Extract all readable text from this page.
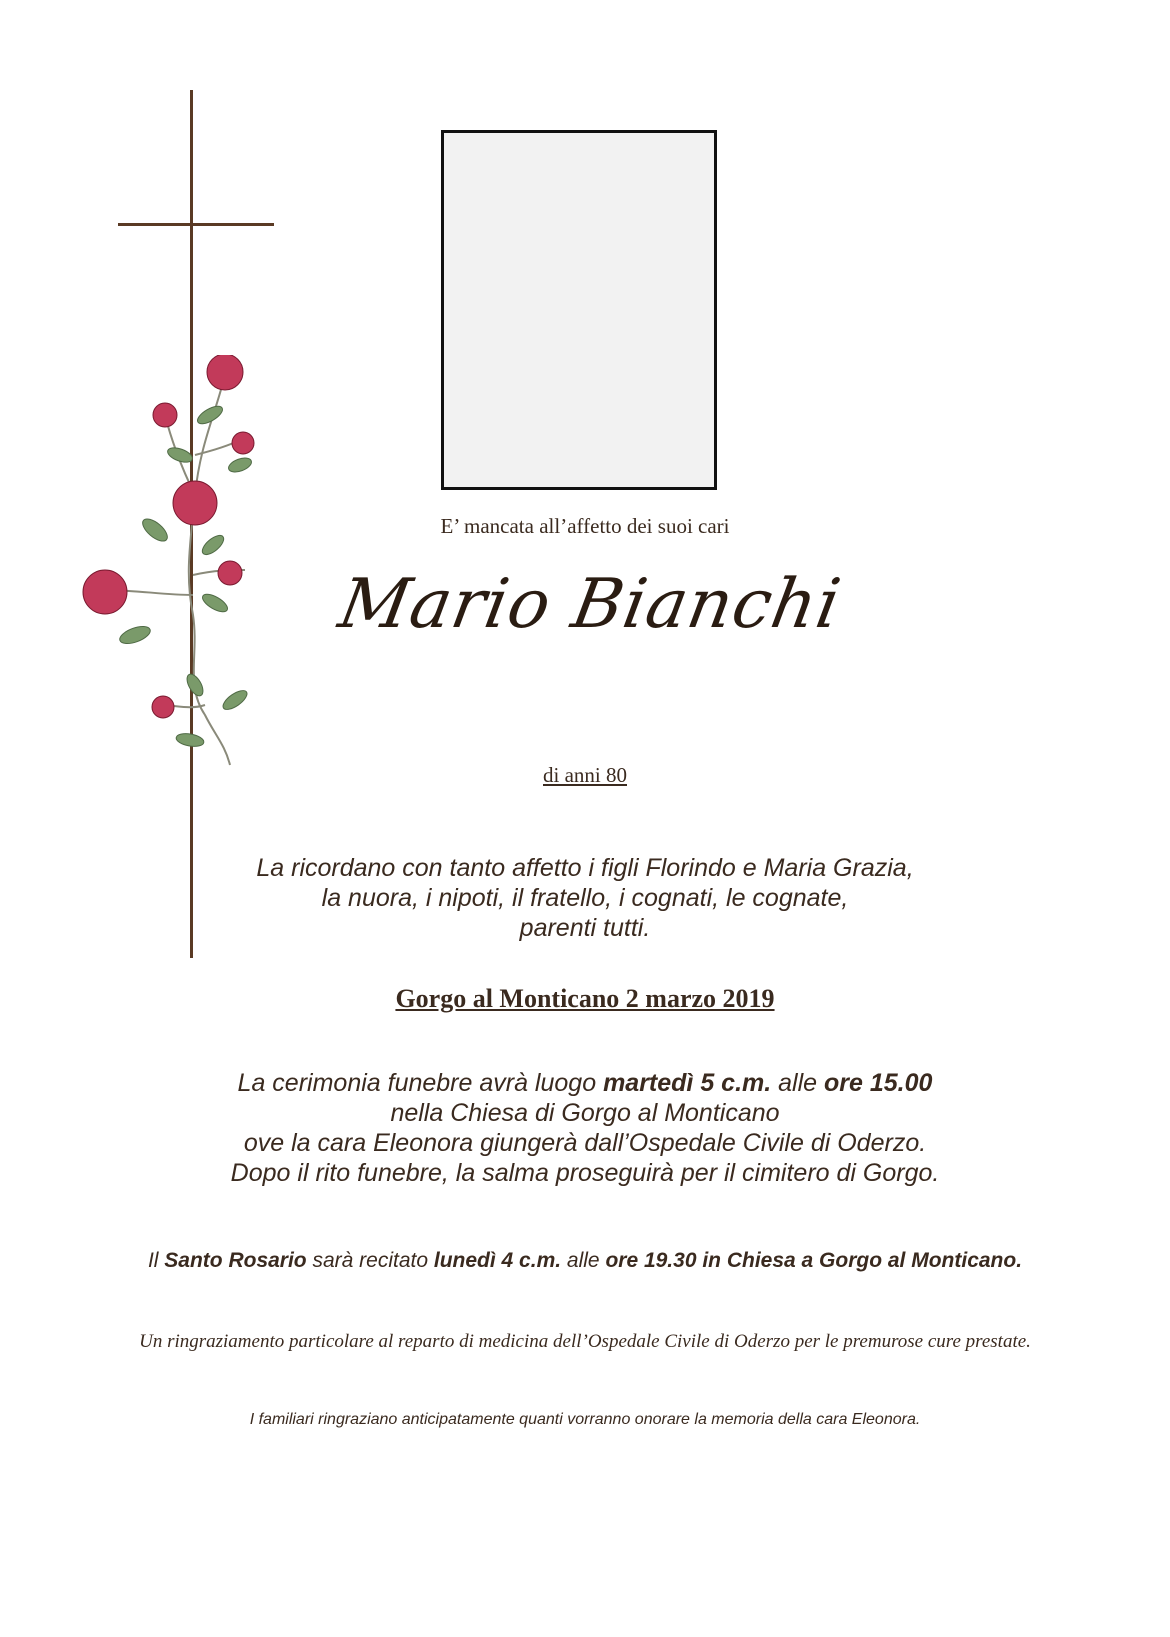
E’ mancata all’affetto dei suoi cari
Mario Bianchi
di anni 80
La ricordano con tanto affetto i figli Florindo e Maria Grazia,
la nuora, i nipoti, il fratello, i cognati, le cognate,
parenti tutti.
Gorgo al Monticano 2 marzo 2019
La cerimonia funebre avrà luogo martedì 5 c.m. alle ore 15.00
nella Chiesa di Gorgo al Monticano
ove la cara Eleonora giungerà dall’Ospedale Civile di Oderzo.
Dopo il rito funebre, la salma proseguirà per il cimitero di Gorgo.
Il Santo Rosario sarà recitato lunedì 4 c.m. alle ore 19.30 in Chiesa a Gorgo al Monticano.
Un ringraziamento particolare al reparto di medicina dell’Ospedale Civile di Oderzo per le premurose cure prestate.
I familiari ringraziano anticipatamente quanti vorranno onorare la memoria della cara Eleonora.
